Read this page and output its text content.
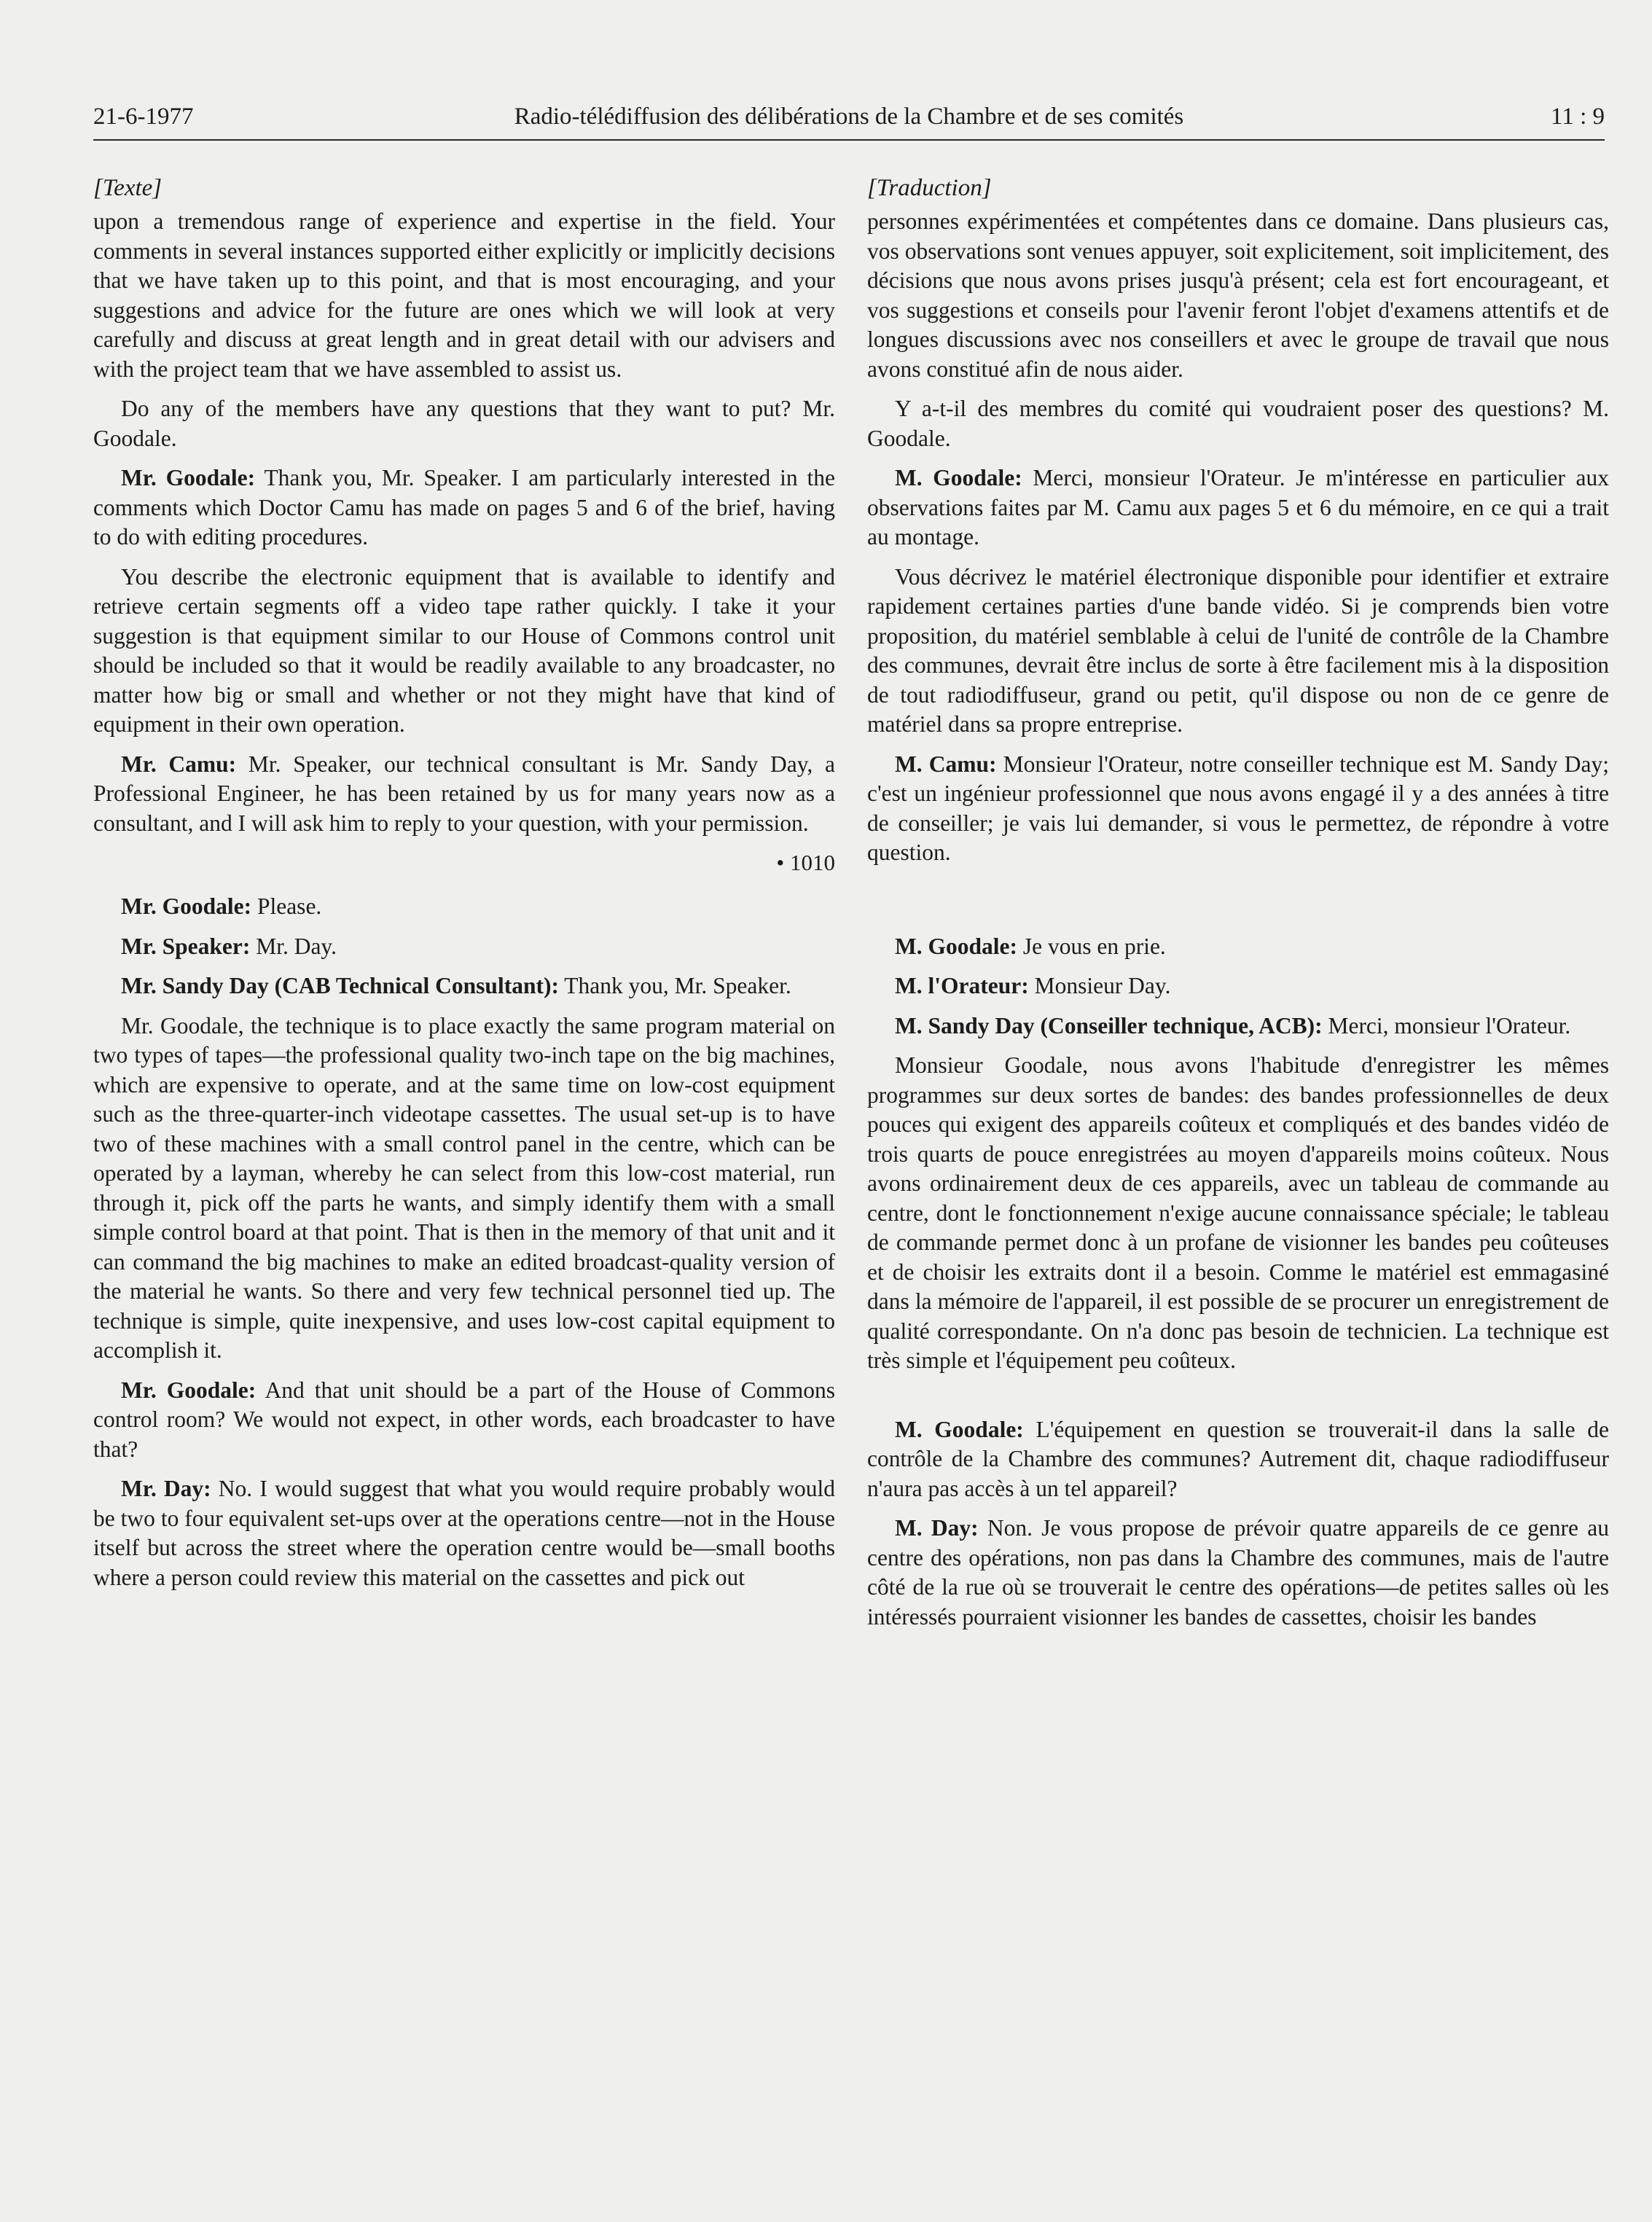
21-6-1977	Radio-télédiffusion des délibérations de la Chambre et de ses comités	11 : 9
[Texte]

upon a tremendous range of experience and expertise in the field. Your comments in several instances supported either explicitly or implicitly decisions that we have taken up to this point, and that is most encouraging, and your suggestions and advice for the future are ones which we will look at very carefully and discuss at great length and in great detail with our advisers and with the project team that we have assembled to assist us.

Do any of the members have any questions that they want to put? Mr. Goodale.

Mr. Goodale: Thank you, Mr. Speaker. I am particularly interested in the comments which Doctor Camu has made on pages 5 and 6 of the brief, having to do with editing procedures.

You describe the electronic equipment that is available to identify and retrieve certain segments off a video tape rather quickly. I take it your suggestion is that equipment similar to our House of Commons control unit should be included so that it would be readily available to any broadcaster, no matter how big or small and whether or not they might have that kind of equipment in their own operation.

Mr. Camu: Mr. Speaker, our technical consultant is Mr. Sandy Day, a Professional Engineer, he has been retained by us for many years now as a consultant, and I will ask him to reply to your question, with your permission.

• 1010

Mr. Goodale: Please.

Mr. Speaker: Mr. Day.

Mr. Sandy Day (CAB Technical Consultant): Thank you, Mr. Speaker.

Mr. Goodale, the technique is to place exactly the same program material on two types of tapes—the professional quality two-inch tape on the big machines, which are expensive to operate, and at the same time on low-cost equipment such as the three-quarter-inch videotape cassettes. The usual set-up is to have two of these machines with a small control panel in the centre, which can be operated by a layman, whereby he can select from this low-cost material, run through it, pick off the parts he wants, and simply identify them with a small simple control board at that point. That is then in the memory of that unit and it can command the big machines to make an edited broadcast-quality version of the material he wants. So there and very few technical personnel tied up. The technique is simple, quite inexpensive, and uses low-cost capital equipment to accomplish it.

Mr. Goodale: And that unit should be a part of the House of Commons control room? We would not expect, in other words, each broadcaster to have that?

Mr. Day: No. I would suggest that what you would require probably would be two to four equivalent set-ups over at the operations centre—not in the House itself but across the street where the operation centre would be—small booths where a person could review this material on the cassettes and pick out

[Traduction]

personnes expérimentées et compétentes dans ce domaine. Dans plusieurs cas, vos observations sont venues appuyer, soit explicitement, soit implicitement, des décisions que nous avons prises jusqu'à présent; cela est fort encourageant, et vos suggestions et conseils pour l'avenir feront l'objet d'examens attentifs et de longues discussions avec nos conseillers et avec le groupe de travail que nous avons constitué afin de nous aider.

Y a-t-il des membres du comité qui voudraient poser des questions? M. Goodale.

M. Goodale: Merci, monsieur l'Orateur. Je m'intéresse en particulier aux observations faites par M. Camu aux pages 5 et 6 du mémoire, en ce qui a trait au montage.

Vous décrivez le matériel électronique disponible pour identifier et extraire rapidement certaines parties d'une bande vidéo. Si je comprends bien votre proposition, du matériel semblable à celui de l'unité de contrôle de la Chambre des communes, devrait être inclus de sorte à être facilement mis à la disposition de tout radiodiffuseur, grand ou petit, qu'il dispose ou non de ce genre de matériel dans sa propre entreprise.

M. Camu: Monsieur l'Orateur, notre conseiller technique est M. Sandy Day; c'est un ingénieur professionnel que nous avons engagé il y a des années à titre de conseiller; je vais lui demander, si vous le permettez, de répondre à votre question.

M. Goodale: Je vous en prie.

M. l'Orateur: Monsieur Day.

M. Sandy Day (Conseiller technique, ACB): Merci, monsieur l'Orateur.

Monsieur Goodale, nous avons l'habitude d'enregistrer les mêmes programmes sur deux sortes de bandes: des bandes professionnelles de deux pouces qui exigent des appareils coûteux et compliqués et des bandes vidéo de trois quarts de pouce enregistrées au moyen d'appareils moins coûteux. Nous avons ordinairement deux de ces appareils, avec un tableau de commande au centre, dont le fonctionnement n'exige aucune connaissance spéciale; le tableau de commande permet donc à un profane de visionner les bandes peu coûteuses et de choisir les extraits dont il a besoin. Comme le matériel est emmagasiné dans la mémoire de l'appareil, il est possible de se procurer un enregistrement de qualité correspondante. On n'a donc pas besoin de technicien. La technique est très simple et l'équipement peu coûteux.

M. Goodale: L'équipement en question se trouverait-il dans la salle de contrôle de la Chambre des communes? Autrement dit, chaque radiodiffuseur n'aura pas accès à un tel appareil?

M. Day: Non. Je vous propose de prévoir quatre appareils de ce genre au centre des opérations, non pas dans la Chambre des communes, mais de l'autre côté de la rue où se trouverait le centre des opérations—de petites salles où les intéressés pourraient visionner les bandes de cassettes, choisir les bandes
